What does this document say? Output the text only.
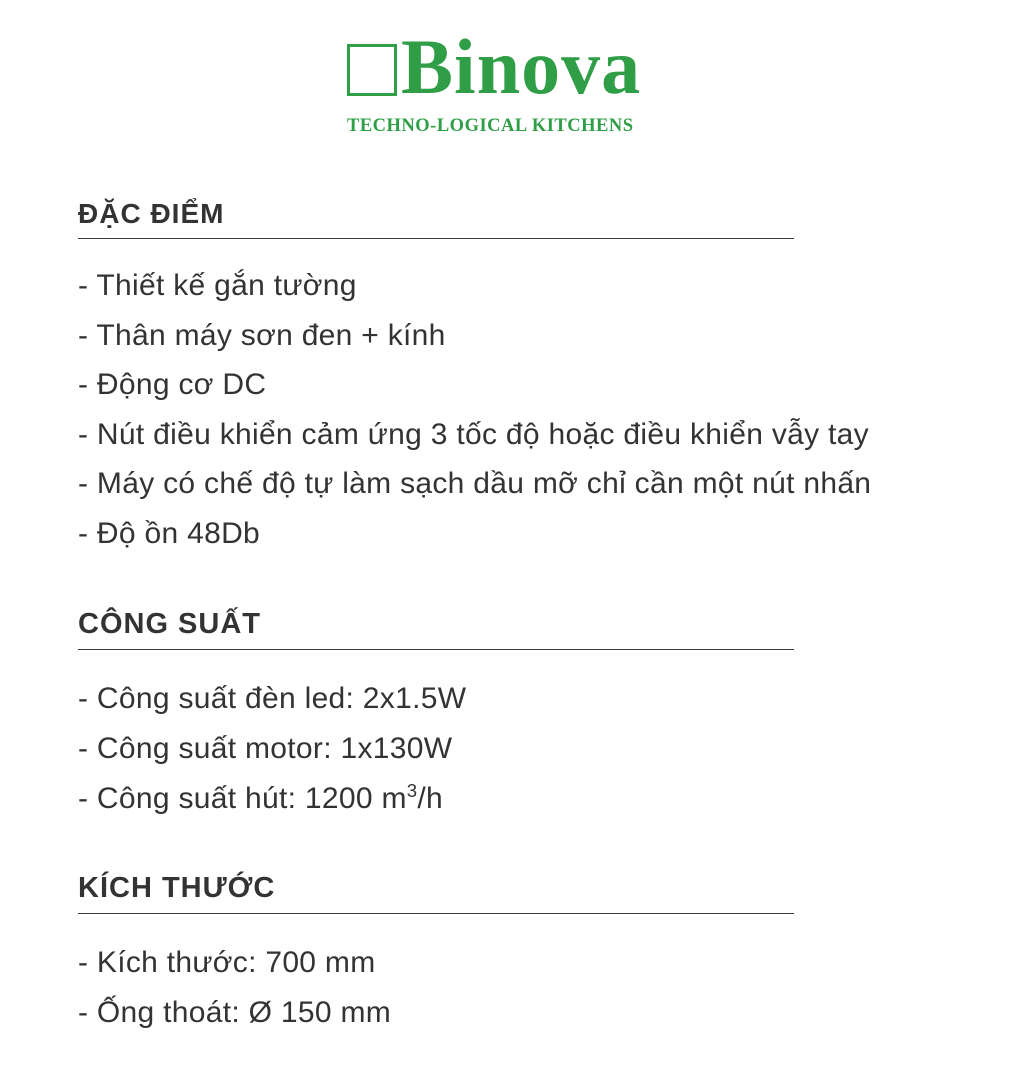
Binova
TECHNO-LOGICAL KITCHENS
ĐẶC ĐIỂM
- Thiết kế gắn tường
- Thân máy sơn đen + kính
- Động cơ DC
- Nút điều khiển cảm ứng 3 tốc độ hoặc điều khiển vẫy tay
- Máy có chế độ tự làm sạch dầu mỡ chỉ cần một nút nhấn
- Độ ồn 48Db
CÔNG SUẤT
- Công suất đèn led: 2x1.5W
- Công suất motor: 1x130W
- Công suất hút: 1200 $m^3/h$
KÍCH THƯỚC
- Kích thước: 700 mm
- Ống thoát: Ø 150 mm
